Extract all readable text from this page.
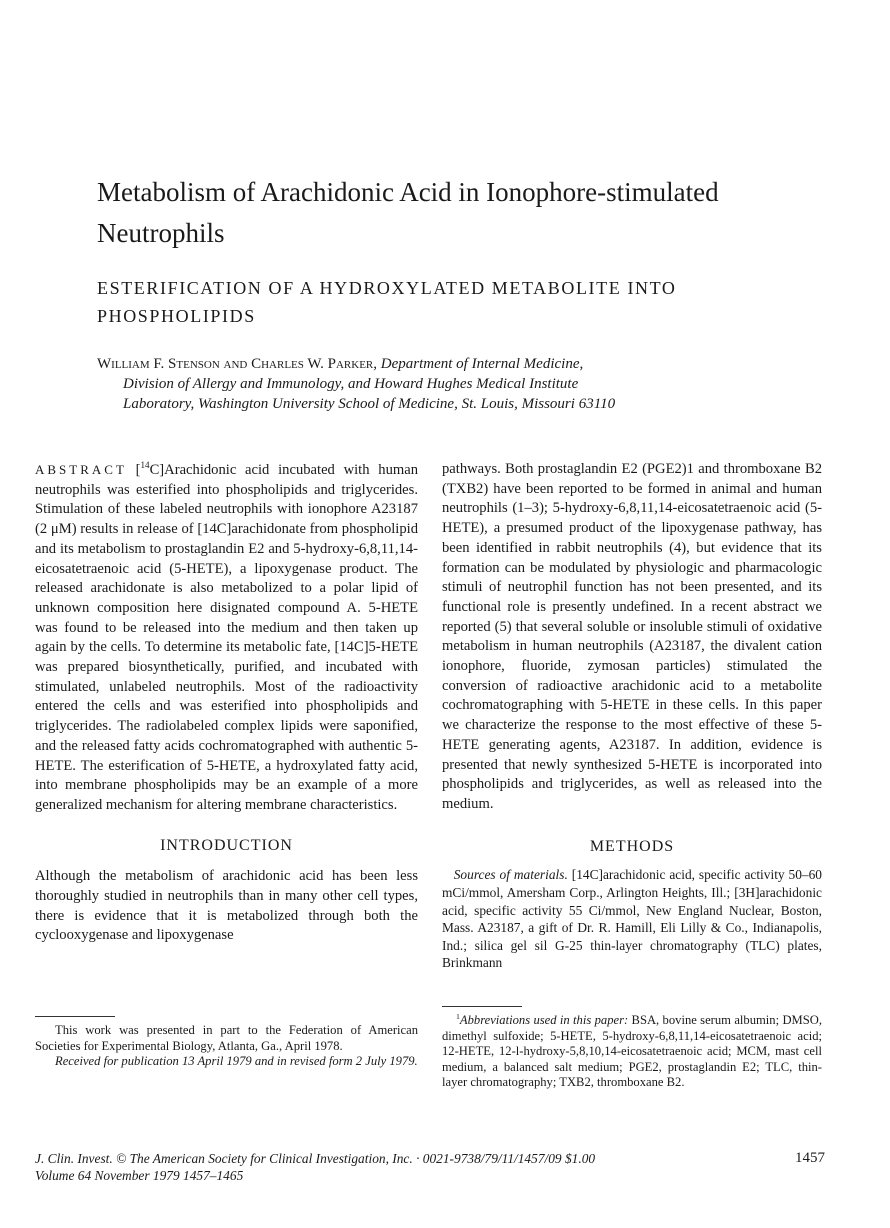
Metabolism of Arachidonic Acid in Ionophore-stimulated Neutrophils
ESTERIFICATION OF A HYDROXYLATED METABOLITE INTO PHOSPHOLIPIDS
William F. Stenson and Charles W. Parker, Department of Internal Medicine,
Division of Allergy and Immunology, and Howard Hughes Medical Institute
Laboratory, Washington University School of Medicine, St. Louis, Missouri 63110

ABSTRACT [$^{14}$C]Arachidonic acid incubated with human neutrophils was esterified into phospholipids and triglycerides. Stimulation of these labeled neutrophils with ionophore A23187 (2 μM) results in release of [14C]arachidonate from phospholipid and its metabolism to prostaglandin E2 and 5-hydroxy-6,8,11,14-eicosatetraenoic acid (5-HETE), a lipoxygenase product. The released arachidonate is also metabolized to a polar lipid of unknown composition here disignated compound A. 5-HETE was found to be released into the medium and then taken up again by the cells. To determine its metabolic fate, [14C]5-HETE was prepared biosynthetically, purified, and incubated with stimulated, unlabeled neutrophils. Most of the radioactivity entered the cells and was esterified into phospholipids and triglycerides. The radiolabeled complex lipids were saponified, and the released fatty acids cochromatographed with authentic 5-HETE. The esterification of 5-HETE, a hydroxylated fatty acid, into membrane phospholipids may be an example of a more generalized mechanism for altering membrane characteristics.

INTRODUCTION

Although the metabolism of arachidonic acid has been less thoroughly studied in neutrophils than in many other cell types, there is evidence that it is metabolized through both the cyclooxygenase and lipoxygenase

pathways. Both prostaglandin E2 (PGE2)1 and thromboxane B2 (TXB2) have been reported to be formed in animal and human neutrophils (1–3); 5-hydroxy-6,8,11,14-eicosatetraenoic acid (5-HETE), a presumed product of the lipoxygenase pathway, has been identified in rabbit neutrophils (4), but evidence that its formation can be modulated by physiologic and pharmacologic stimuli of neutrophil function has not been presented, and its functional role is presently undefined. In a recent abstract we reported (5) that several soluble or insoluble stimuli of oxidative metabolism in human neutrophils (A23187, the divalent cation ionophore, fluoride, zymosan particles) stimulated the conversion of radioactive arachidonic acid to a metabolite cochromatographing with 5-HETE in these cells. In this paper we characterize the response to the most effective of these 5-HETE generating agents, A23187. In addition, evidence is presented that newly synthesized 5-HETE is incorporated into phospholipids and triglycerides, as well as released into the medium.

METHODS

Sources of materials. [14C]arachidonic acid, specific activity 50–60 mCi/mmol, Amersham Corp., Arlington Heights, Ill.; [3H]arachidonic acid, specific activity 55 Ci/mmol, New England Nuclear, Boston, Mass. A23187, a gift of Dr. R. Hamill, Eli Lilly & Co., Indianapolis, Ind.; silica gel sil G-25 thin-layer chromatography (TLC) plates, Brinkmann

This work was presented in part to the Federation of American Societies for Experimental Biology, Atlanta, Ga., April 1978.

Received for publication 13 April 1979 and in revised form 2 July 1979.

$^1$Abbreviations used in this paper: BSA, bovine serum albumin; DMSO, dimethyl sulfoxide; 5-HETE, 5-hydroxy-6,8,11,14-eicosatetraenoic acid; 12-HETE, 12-l-hydroxy-5,8,10,14-eicosatetraenoic acid; MCM, mast cell medium, a balanced salt medium; PGE2, prostaglandin E2; TLC, thin-layer chromatography; TXB2, thromboxane B2.

J. Clin. Invest. © The American Society for Clinical Investigation, Inc. · 0021-9738/79/11/1457/09 $1.00
Volume 64 November 1979 1457–1465
1457
